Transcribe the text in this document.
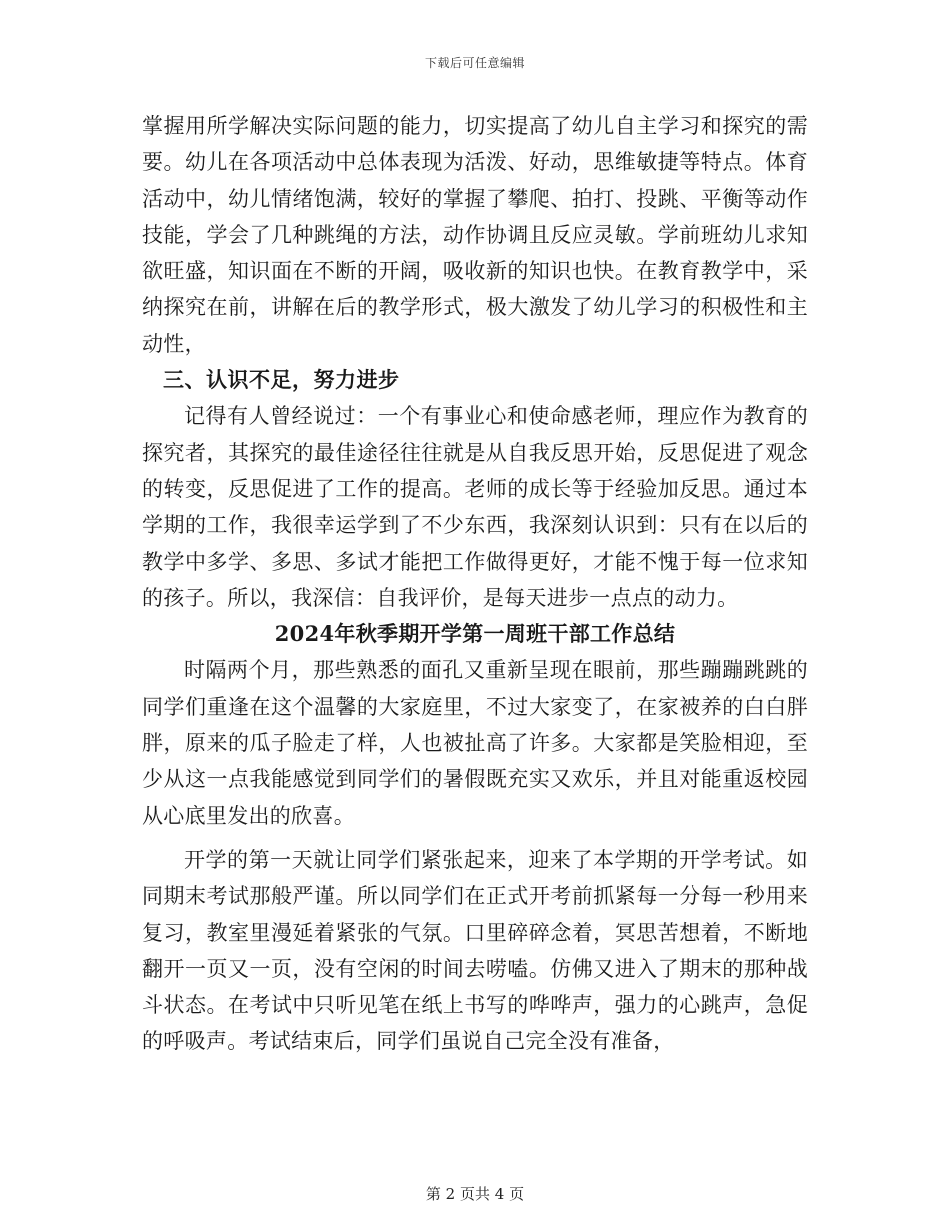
下载后可任意编辑

掌握用所学解决实际问题的能力，切实提高了幼儿自主学习和探究的需要。幼儿在各项活动中总体表现为活泼、好动，思维敏捷等特点。体育活动中，幼儿情绪饱满，较好的掌握了攀爬、拍打、投跳、平衡等动作技能，学会了几种跳绳的方法，动作协调且反应灵敏。学前班幼儿求知欲旺盛，知识面在不断的开阔，吸收新的知识也快。在教育教学中，采纳探究在前，讲解在后的教学形式，极大激发了幼儿学习的积极性和主动性，

三、认识不足，努力进步

记得有人曾经说过：一个有事业心和使命感老师，理应作为教育的探究者，其探究的最佳途径往往就是从自我反思开始，反思促进了观念的转变，反思促进了工作的提高。老师的成长等于经验加反思。通过本学期的工作，我很幸运学到了不少东西，我深刻认识到：只有在以后的教学中多学、多思、多试才能把工作做得更好，才能不愧于每一位求知的孩子。所以，我深信：自我评价，是每天进步一点点的动力。

2024年秋季期开学第一周班干部工作总结

时隔两个月，那些熟悉的面孔又重新呈现在眼前，那些蹦蹦跳跳的同学们重逢在这个温馨的大家庭里，不过大家变了，在家被养的白白胖胖，原来的瓜子脸走了样，人也被扯高了许多。大家都是笑脸相迎，至少从这一点我能感觉到同学们的暑假既充实又欢乐，并且对能重返校园从心底里发出的欣喜。

开学的第一天就让同学们紧张起来，迎来了本学期的开学考试。如同期末考试那般严谨。所以同学们在正式开考前抓紧每一分每一秒用来复习，教室里漫延着紧张的气氛。口里碎碎念着，冥思苦想着，不断地翻开一页又一页，没有空闲的时间去唠嗑。仿佛又进入了期末的那种战斗状态。在考试中只听见笔在纸上书写的哗哗声，强力的心跳声，急促的呼吸声。考试结束后，同学们虽说自己完全没有准备，

第 2 页共 4 页
